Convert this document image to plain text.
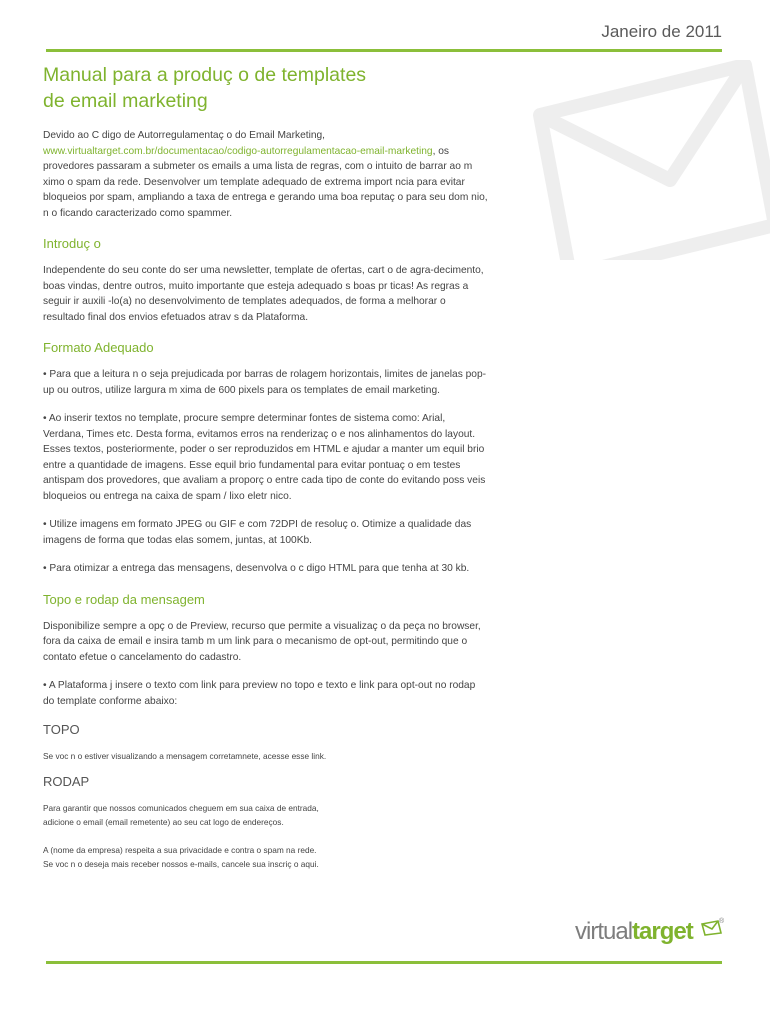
Janeiro de 2011
Manual para a produç o de templates
de email marketing

Devido ao C digo de Autorregulamentaç o do Email Marketing, www.virtualtarget.com.br/documentacao/codigo-autorregulamentacao-email-marketing, os provedores passaram a submeter os emails a uma lista de regras, com o intuito de barrar ao m ximo o spam da rede. Desenvolver um template adequado de extrema import ncia para evitar bloqueios por spam, ampliando a taxa de entrega e gerando uma boa reputaç o para seu dom nio, n o ficando caracterizado como spammer.

Introduç o

Independente do seu conte do ser uma newsletter, template de ofertas, cart o de agra-decimento, boas vindas, dentre outros, muito importante que esteja adequado s boas pr ticas! As regras a seguir ir auxili -lo(a) no desenvolvimento de templates adequados, de forma a melhorar o resultado final dos envios efetuados atrav s da Plataforma.

Formato Adequado

• Para que a leitura n o seja prejudicada por barras de rolagem horizontais, limites de janelas pop-up ou outros, utilize largura m xima de 600 pixels para os templates de email marketing.

• Ao inserir textos no template, procure sempre determinar fontes de sistema como: Arial, Verdana, Times etc. Desta forma, evitamos erros na renderizaç o e nos alinhamentos do layout. Esses textos, posteriormente, poder o ser reproduzidos em HTML e ajudar a manter um equil brio entre a quantidade de imagens. Esse equil brio fundamental para evitar pontuaç o em testes antispam dos provedores, que avaliam a proporç o entre cada tipo de conte do evitando poss veis bloqueios ou entrega na caixa de spam / lixo eletr nico.

• Utilize imagens em formato JPEG ou GIF e com 72DPI de resoluç o. Otimize a qualidade das imagens de forma que todas elas somem, juntas, at 100Kb.

• Para otimizar a entrega das mensagens, desenvolva o c digo HTML para que tenha at 30 kb.

Topo e rodap da mensagem

Disponibilize sempre a opç o de Preview, recurso que permite a visualizaç o da peça no browser, fora da caixa de email e insira tamb m um link para o mecanismo de opt-out, permitindo que o contato efetue o cancelamento do cadastro.

• A Plataforma j insere o texto com link para preview no topo e texto e link para opt-out no rodap do template conforme abaixo:

TOPO

Se voc n o estiver visualizando a mensagem corretamnete, acesse esse link.

RODAP

Para garantir que nossos comunicados cheguem em sua caixa de entrada,

adicione o email (email remetente) ao seu cat logo de endereços.

A (nome da empresa) respeita a sua privacidade e contra o spam na rede.

Se voc n o deseja mais receber nossos e-mails, cancele sua inscriç o aqui.

virtualtarget	®
